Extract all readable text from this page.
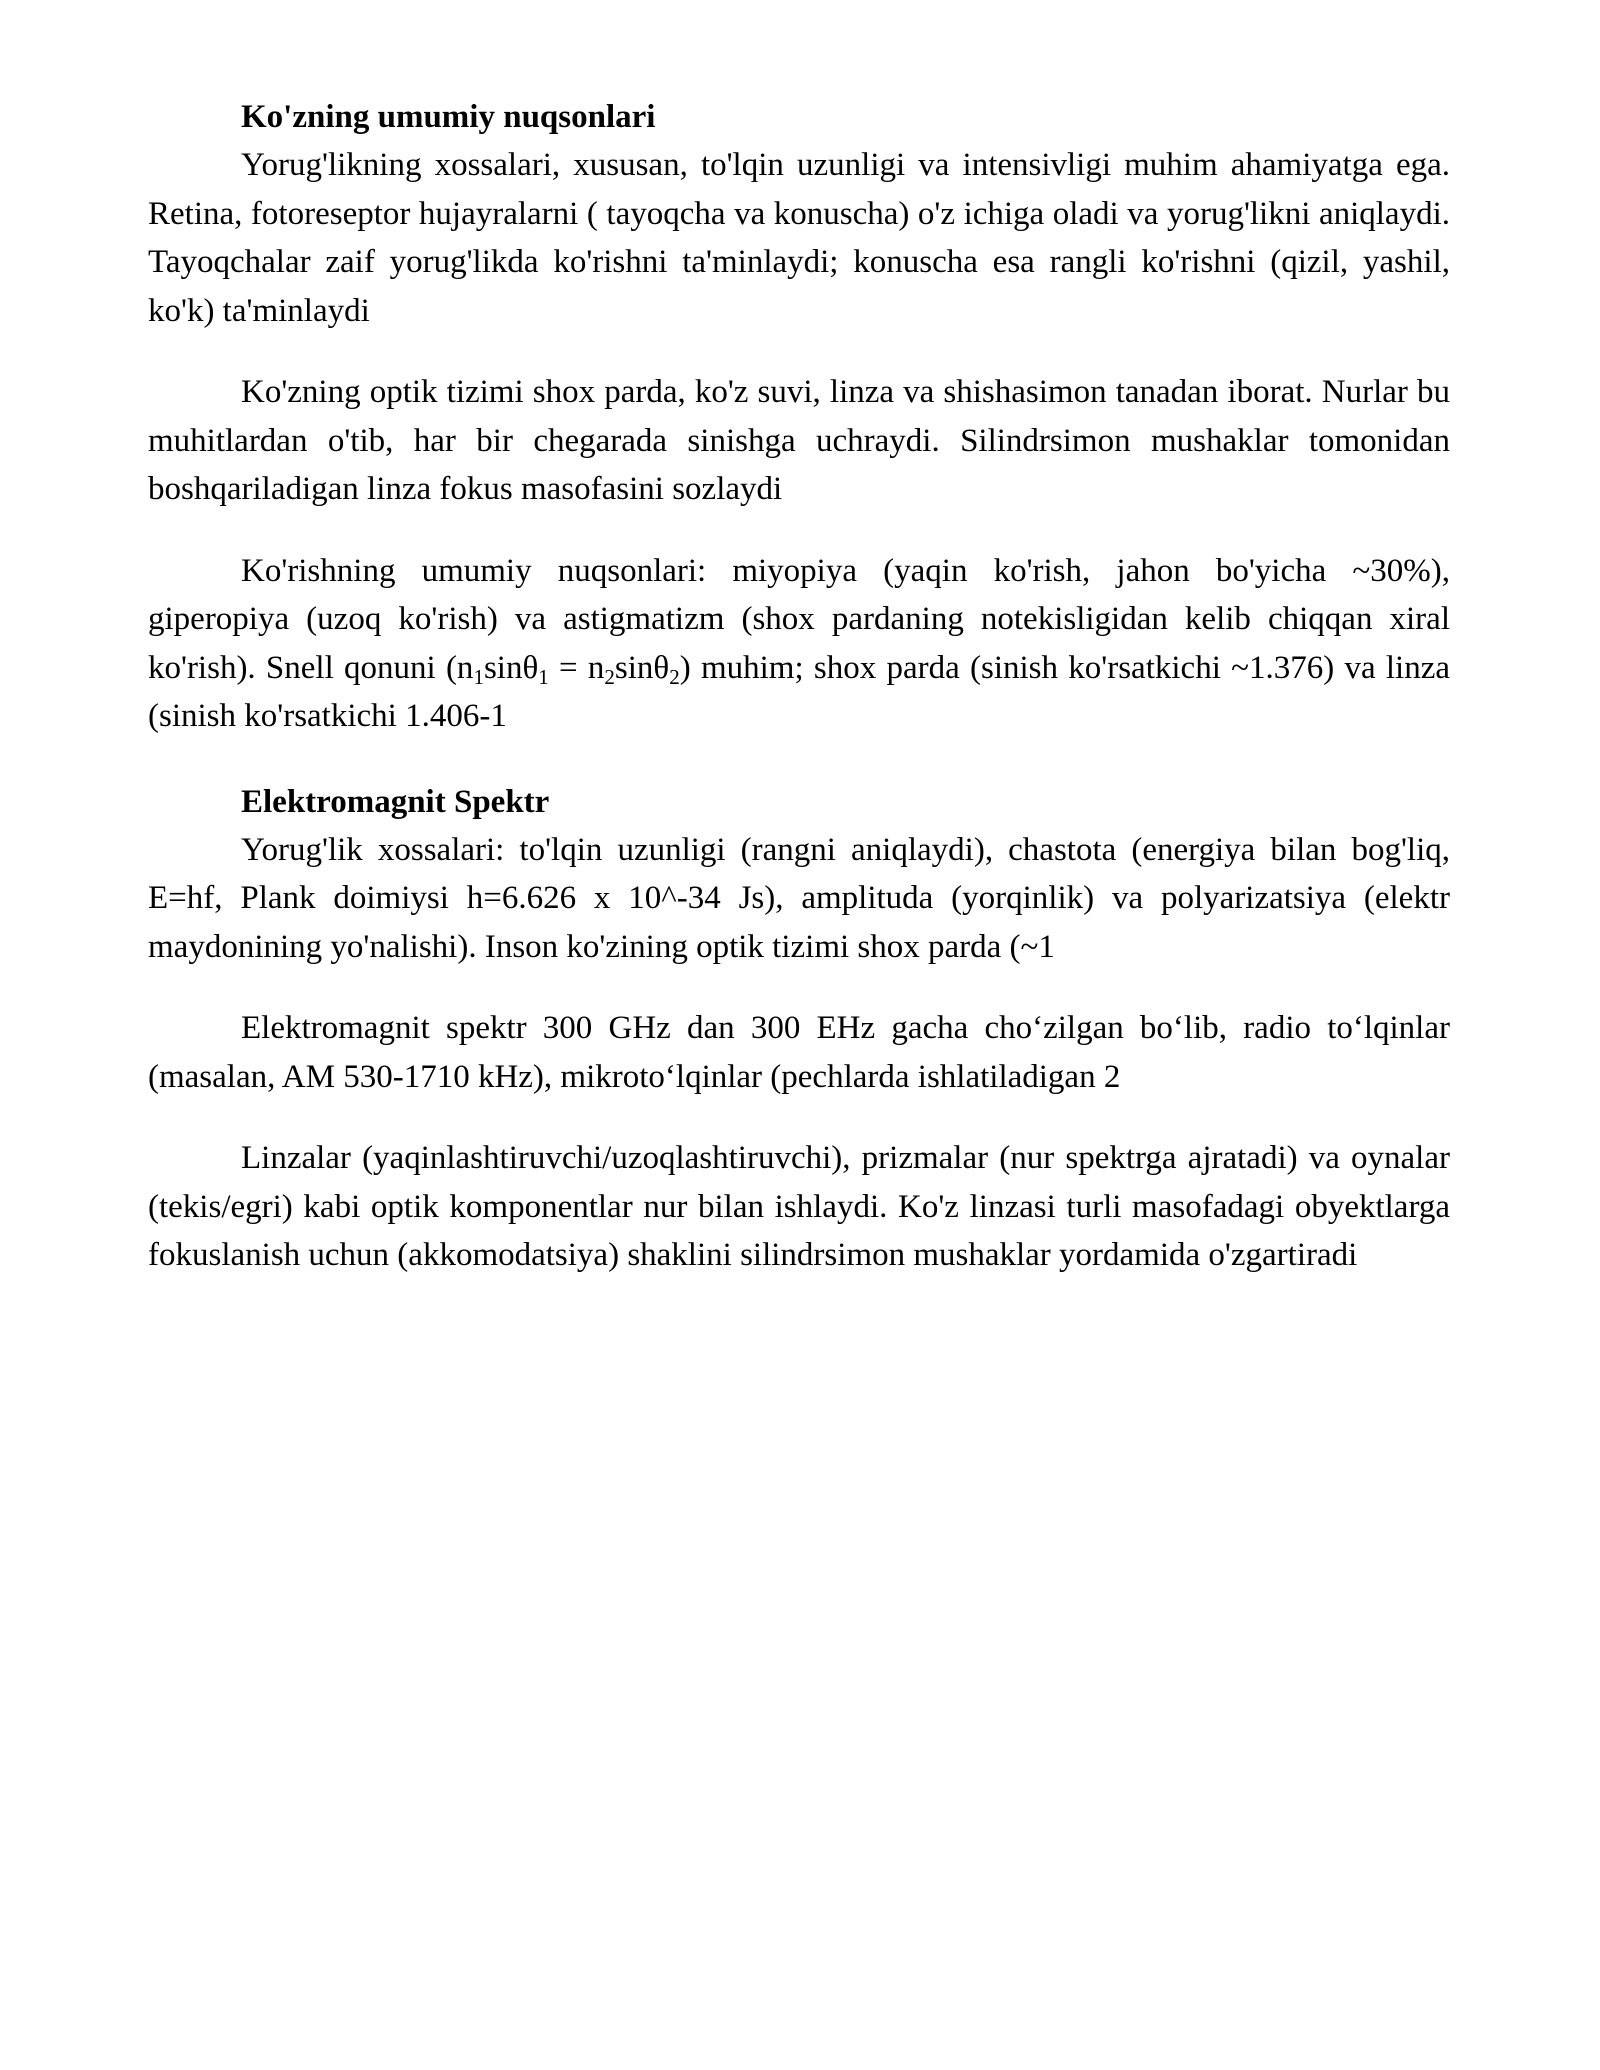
Ko'zning umumiy nuqsonlari

Yorug'likning xossalari, xususan, to'lqin uzunligi va intensivligi muhim ahamiyatga ega. Retina, fotoreseptor hujayralarni ( tayoqcha va konuscha) o'z ichiga oladi va yorug'likni aniqlaydi. Tayoqchalar zaif yorug'likda ko'rishni ta'minlaydi; konuscha esa rangli ko'rishni (qizil, yashil, ko'k) ta'minlaydi

Ko'zning optik tizimi shox parda, ko'z suvi, linza va shishasimon tanadan iborat. Nurlar bu muhitlardan o'tib, har bir chegarada sinishga uchraydi. Silindrsimon mushaklar tomonidan boshqariladigan linza fokus masofasini sozlaydi

Ko'rishning umumiy nuqsonlari: miyopiya (yaqin ko'rish, jahon bo'yicha ~30%), giperopiya (uzoq ko'rish) va astigmatizm (shox pardaning notekisligidan kelib chiqqan xiral ko'rish). Snell qonuni $(n_1\sin\theta_1 = n_2\sin\theta_2)$ muhim; shox parda (sinish ko'rsatkichi ~1.376) va linza (sinish ko'rsatkichi 1.406-1

Elektromagnit Spektr

Yorug'lik xossalari: to'lqin uzunligi (rangni aniqlaydi), chastota (energiya bilan bog'liq, E=hf, Plank doimiysi h=6.626 x 10^-34 Js), amplituda (yorqinlik) va polyarizatsiya (elektr maydonining yo'nalishi). Inson ko'zining optik tizimi shox parda (~1

Elektromagnit spektr 300 GHz dan 300 EHz gacha cho‘zilgan bo‘lib, radio to‘lqinlar (masalan, AM 530-1710 kHz), mikroto‘lqinlar (pechlarda ishlatiladigan 2

Linzalar (yaqinlashtiruvchi/uzoqlashtiruvchi), prizmalar (nur spektrga ajratadi) va oynalar (tekis/egri) kabi optik komponentlar nur bilan ishlaydi. Ko'z linzasi turli masofadagi obyektlarga fokuslanish uchun (akkomodatsiya) shaklini silindrsimon mushaklar yordamida o'zgartiradi
